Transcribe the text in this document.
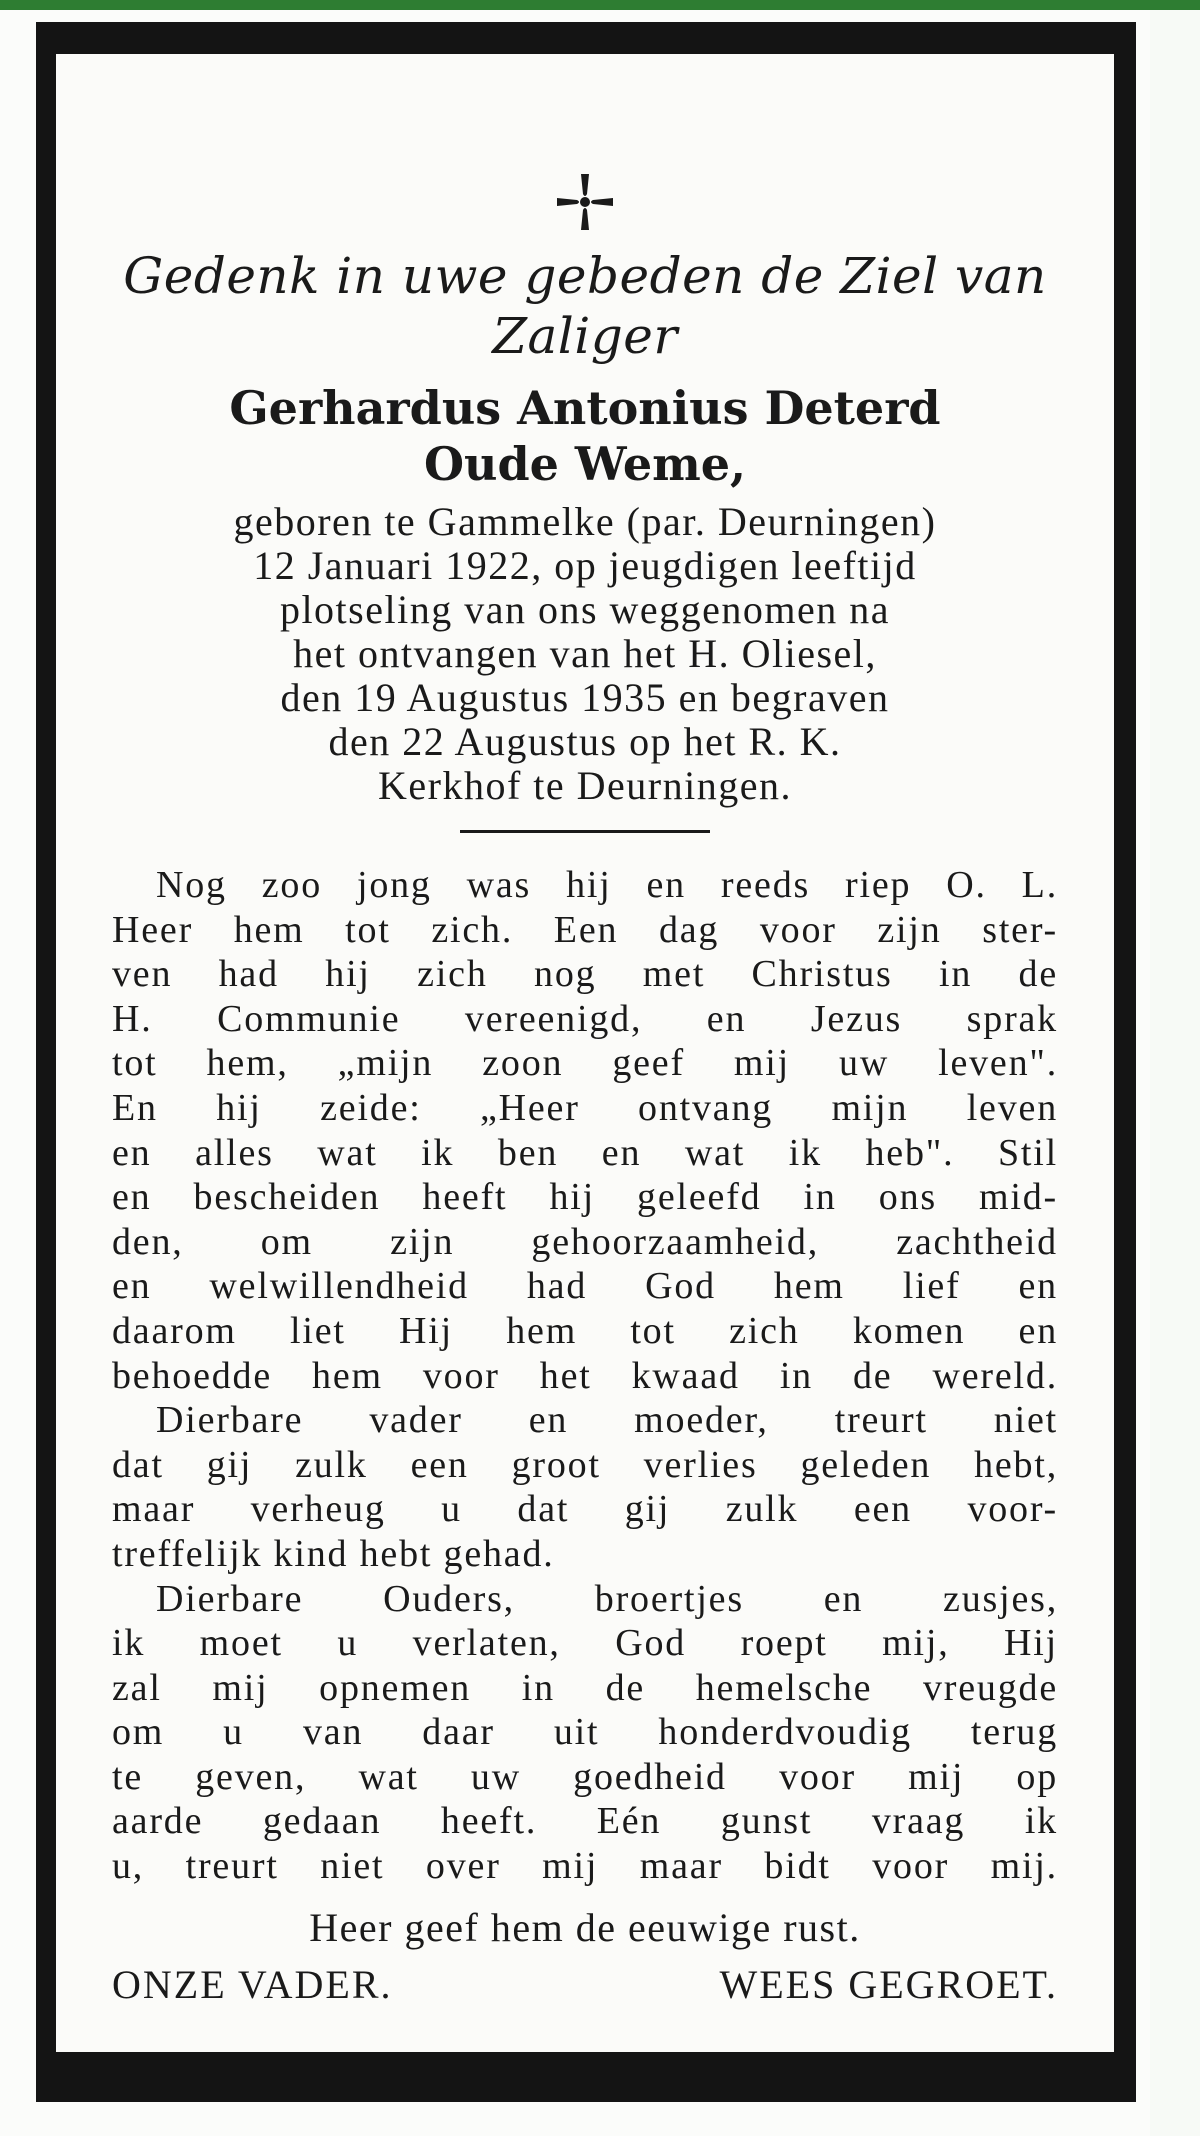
Gedenk in uwe gebeden de Ziel van

Zaliger

Gerhardus Antonius Deterd
Oude Weme,

geboren te Gammelke (par. Deurningen)
12 Januari 1922, op jeugdigen leeftijd
plotseling van ons weggenomen na
het ontvangen van het H. Oliesel,
den 19 Augustus 1935 en begraven
den 22 Augustus op het R. K.
Kerkhof te Deurningen.
Nog zoo jong was hij en reeds riep O. L.
Heer hem tot zich. Een dag voor zijn ster-
ven had hij zich nog met Christus in de
H. Communie vereenigd, en Jezus sprak
tot hem, „mijn zoon geef mij uw leven".
En hij zeide: „Heer ontvang mijn leven
en alles wat ik ben en wat ik heb". Stil
en bescheiden heeft hij geleefd in ons mid-
den, om zijn gehoorzaamheid, zachtheid
en welwillendheid had God hem lief en
daarom liet Hij hem tot zich komen en
behoedde hem voor het kwaad in de wereld.
Dierbare vader en moeder, treurt niet
dat gij zulk een groot verlies geleden hebt,
maar verheug u dat gij zulk een voor-
treffelijk kind hebt gehad.
Dierbare Ouders, broertjes en zusjes,
ik moet u verlaten, God roept mij, Hij
zal mij opnemen in de hemelsche vreugde
om u van daar uit honderdvoudig terug
te geven, wat uw goedheid voor mij op
aarde gedaan heeft. Eén gunst vraag ik
u, treurt niet over mij maar bidt voor mij.

Heer geef hem de eeuwige rust.

ONZE VADER.	WEES GEGROET.
